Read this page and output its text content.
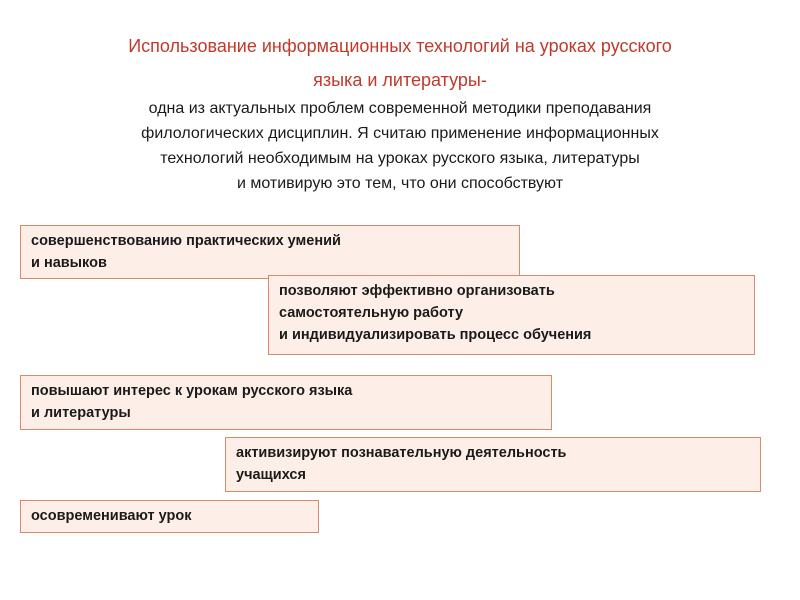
Использование информационных технологий на уроках русского
языка и литературы-
одна из актуальных проблем современной методики преподавания
филологических дисциплин. Я считаю применение информационных
технологий необходимым на уроках русского языка, литературы
и мотивирую это тем, что они способствуют
совершенствованию практических умений
и навыков
позволяют эффективно организовать
самостоятельную работу
и индивидуализировать процесс обучения
повышают интерес к урокам русского языка
и литературы
активизируют познавательную деятельность
учащихся
осовременивают урок
